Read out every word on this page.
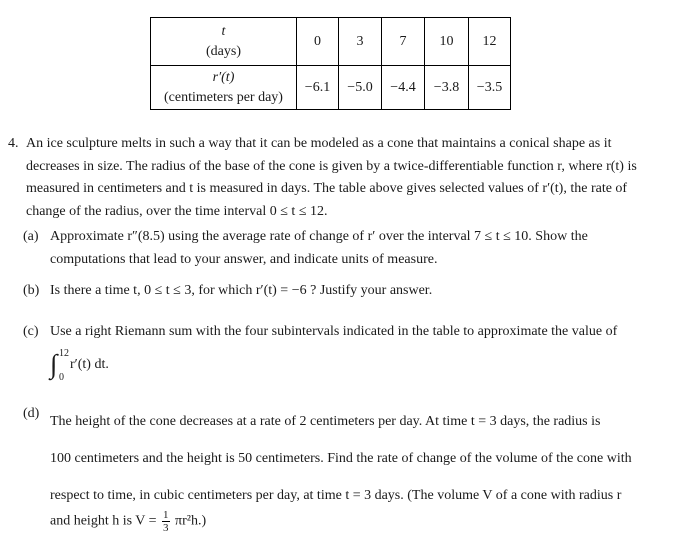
t
(days)	0	3	7	10	12
r′(t)
(centimeters per day)	−6.1	−5.0	−4.4	−3.8	−3.5
4. An ice sculpture melts in such a way that it can be modeled as a cone that maintains a conical shape as it
decreases in size. The radius of the base of the cone is given by a twice-differentiable function r, where r(t) is
measured in centimeters and t is measured in days. The table above gives selected values of r′(t), the rate of
change of the radius, over the time interval 0 ≤ t ≤ 12.
(a) Approximate r″(8.5) using the average rate of change of r′ over the interval 7 ≤ t ≤ 10. Show the
computations that lead to your answer, and indicate units of measure.
(b) Is there a time t, 0 ≤ t ≤ 3, for which r′(t) = −6 ? Justify your answer.
(c) Use a right Riemann sum with the four subintervals indicated in the table to approximate the value of
∫ 12
0
r′(t) dt.
(d)
The height of the cone decreases at a rate of 2 centimeters per day. At time t = 3 days, the radius is
100 centimeters and the height is 50 centimeters. Find the rate of change of the volume of the cone with
respect to time, in cubic centimeters per day, at time t = 3 days. (The volume V of a cone with radius r
and height h is $V = \frac{1}{3} \pi r^2h$.)
